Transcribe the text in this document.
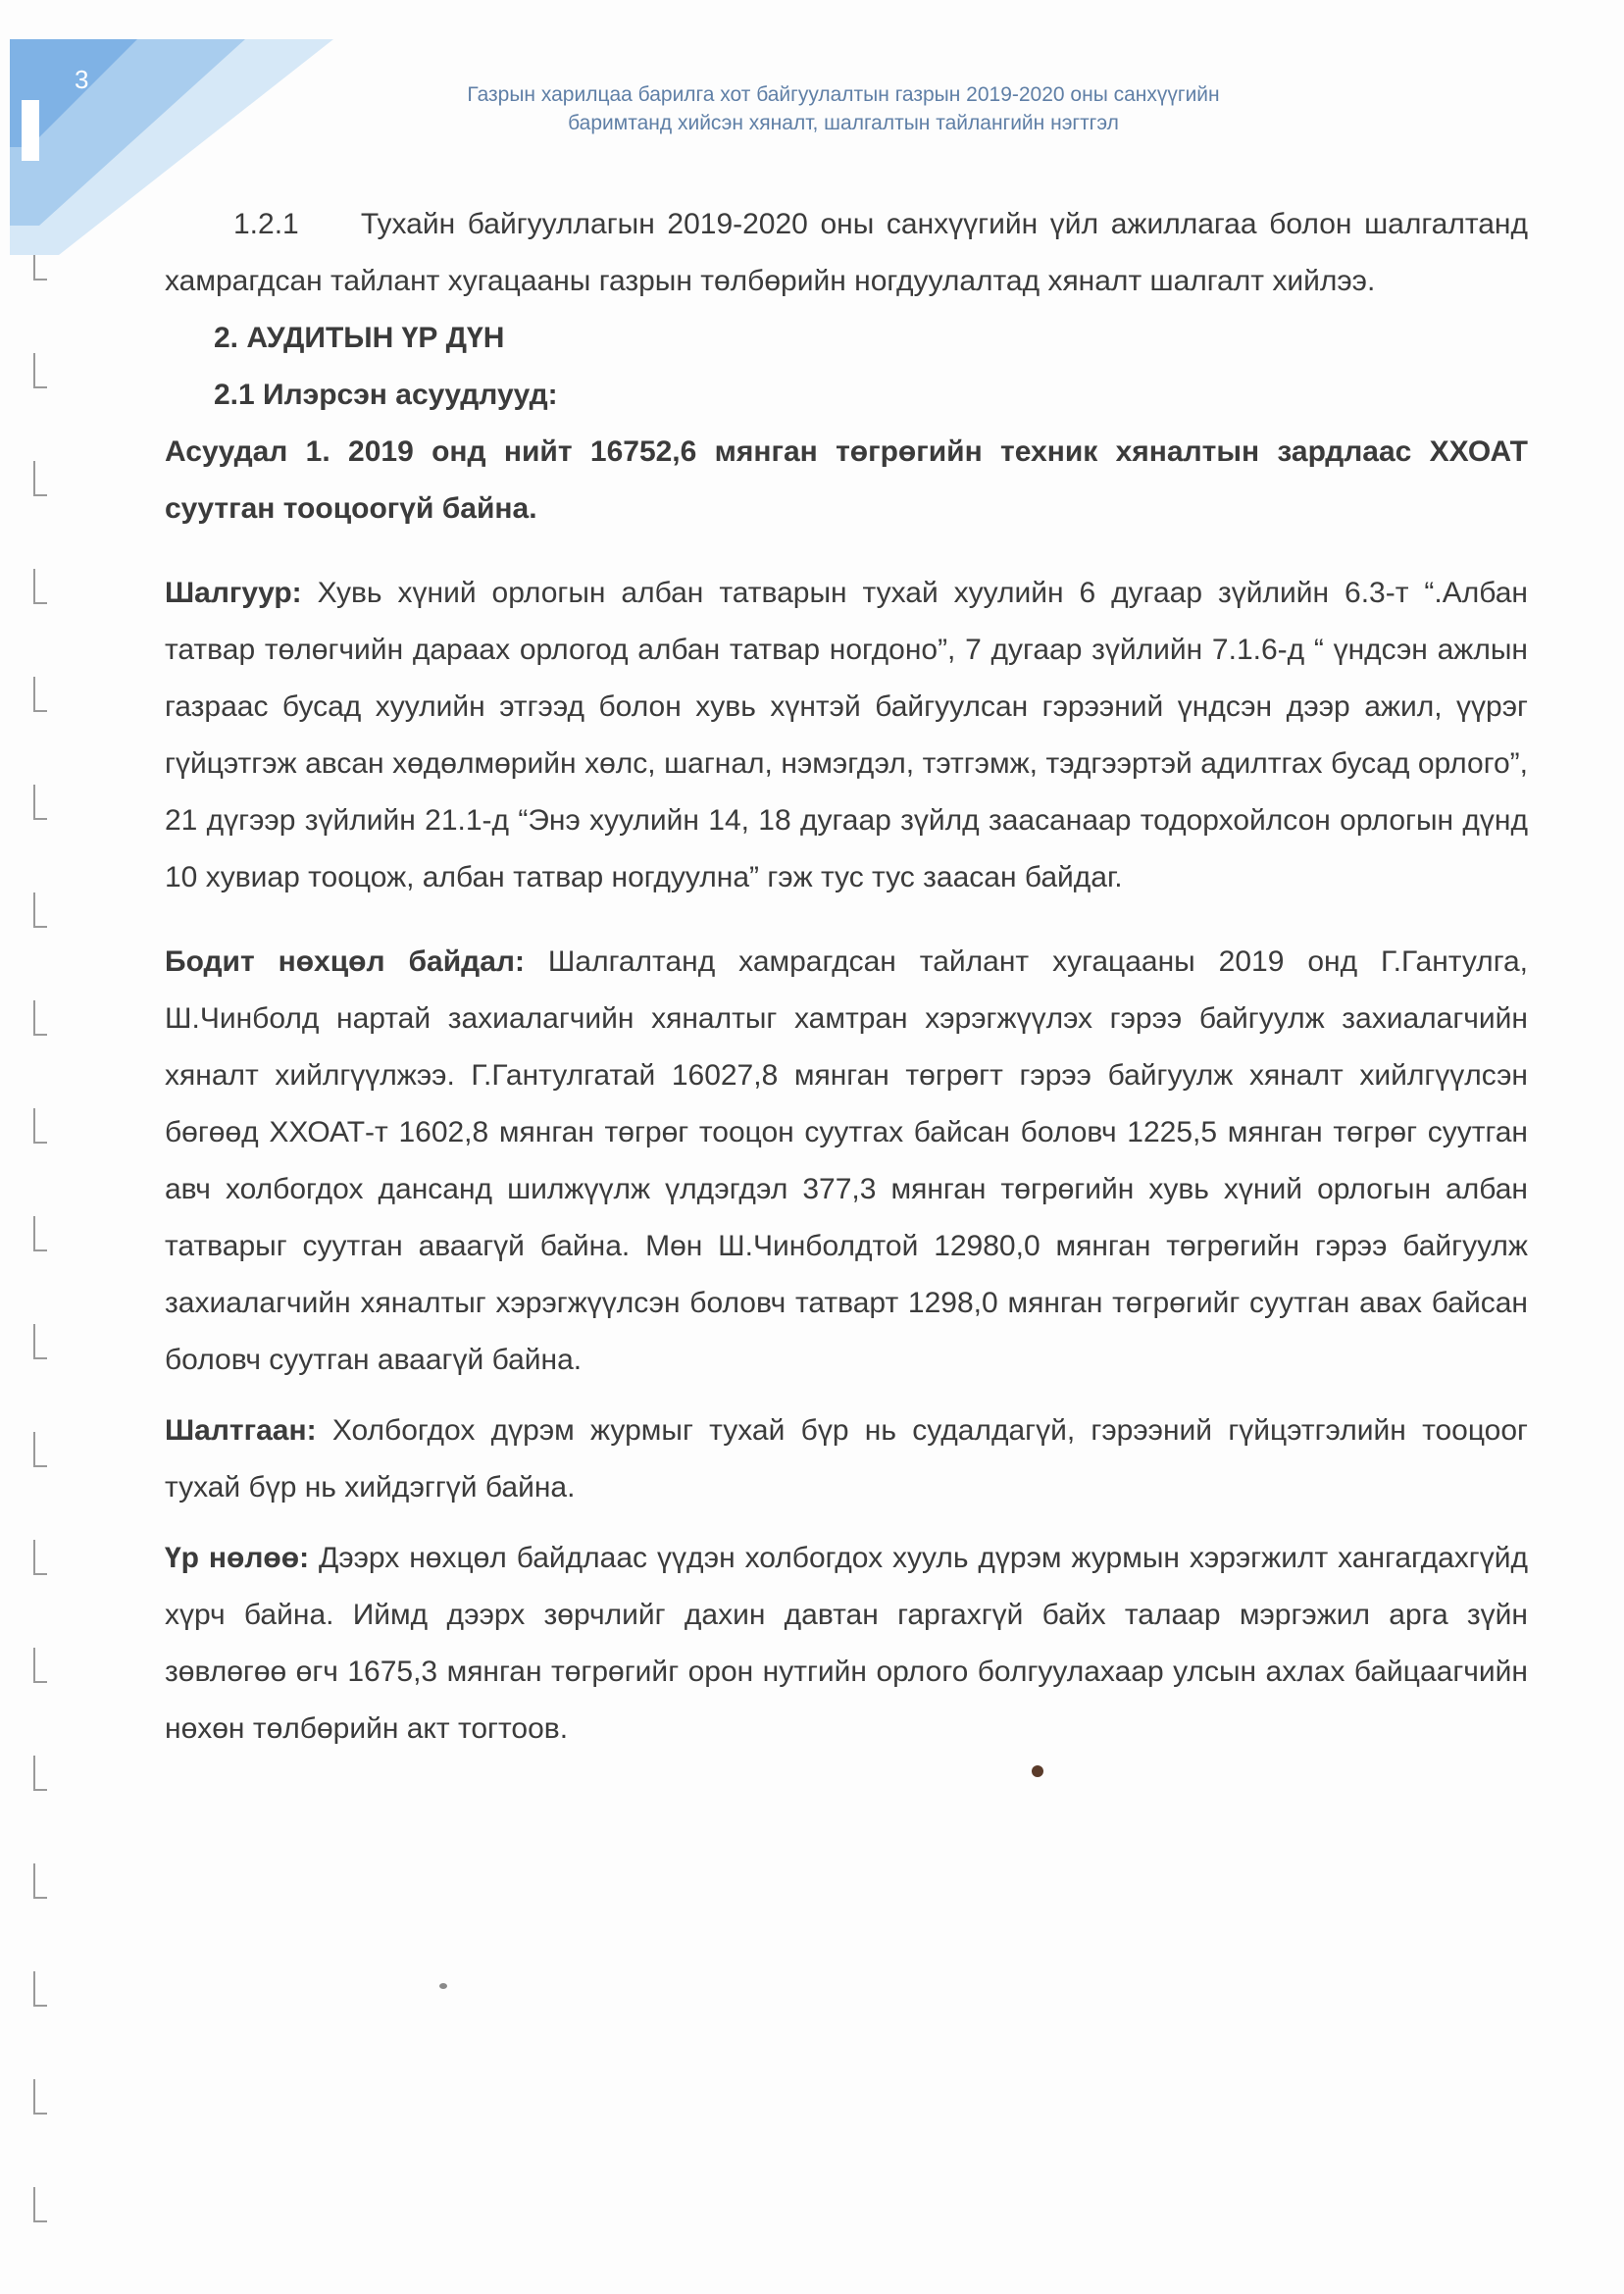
3
Газрын харилцаа барилга хот байгуулалтын газрын 2019-2020 оны санхүүгийн
баримтанд хийсэн хяналт, шалгалтын тайлангийн нэгтгэл

1.2.1 Тухайн байгууллагын 2019-2020 оны санхүүгийн үйл ажиллагаа болон шалгалтанд хамрагдсан тайлант хугацааны газрын төлбөрийн ногдуулалтад хяналт шалгалт хийлээ.

2. АУДИТЫН ҮР ДҮН

2.1 Илэрсэн асуудлууд:

Асуудал 1. 2019 онд нийт 16752,6 мянган төгрөгийн техник хяналтын зардлаас ХХОАТ суутган тооцоогүй байна.

Шалгуур: Хувь хүний орлогын албан татварын тухай хуулийн 6 дугаар зүйлийн 6.3-т “.Албан татвар төлөгчийн дараах орлогод албан татвар ногдоно”, 7 дугаар зүйлийн 7.1.6-д “ үндсэн ажлын газраас бусад хуулийн этгээд болон хувь хүнтэй байгуулсан гэрээний үндсэн дээр ажил, үүрэг гүйцэтгэж авсан хөдөлмөрийн хөлс, шагнал, нэмэгдэл, тэтгэмж, тэдгээртэй адилтгах бусад орлого”, 21 дүгээр зүйлийн 21.1-д “Энэ хуулийн 14, 18 дугаар зүйлд заасанаар тодорхойлсон орлогын дүнд 10 хувиар тооцож, албан татвар ногдуулна” гэж тус тус заасан байдаг.

Бодит нөхцөл байдал: Шалгалтанд хамрагдсан тайлант хугацааны 2019 онд Г.Гантулга, Ш.Чинболд нартай захиалагчийн хяналтыг хамтран хэрэгжүүлэх гэрээ байгуулж захиалагчийн хяналт хийлгүүлжээ. Г.Гантулгатай 16027,8 мянган төгрөгт гэрээ байгуулж хяналт хийлгүүлсэн бөгөөд ХХОАТ-т 1602,8 мянган төгрөг тооцон суутгах байсан боловч 1225,5 мянган төгрөг суутган авч холбогдох дансанд шилжүүлж үлдэгдэл 377,3 мянган төгрөгийн хувь хүний орлогын албан татварыг суутган аваагүй байна. Мөн Ш.Чинболдтой 12980,0 мянган төгрөгийн гэрээ байгуулж захиалагчийн хяналтыг хэрэгжүүлсэн боловч татварт 1298,0 мянган төгрөгийг суутган авах байсан боловч суутган аваагүй байна.

Шалтгаан: Холбогдох дүрэм журмыг тухай бүр нь судалдагүй, гэрээний гүйцэтгэлийн тооцоог тухай бүр нь хийдэггүй байна.

Үр нөлөө: Дээрх нөхцөл байдлаас үүдэн холбогдох хууль дүрэм журмын хэрэгжилт хангагдахгүйд хүрч байна. Иймд дээрх зөрчлийг дахин давтан гаргахгүй байх талаар мэргэжил арга зүйн зөвлөгөө өгч 1675,3 мянган төгрөгийг орон нутгийн орлого болгуулахаар улсын ахлах байцаагчийн нөхөн төлбөрийн акт тогтоов.
